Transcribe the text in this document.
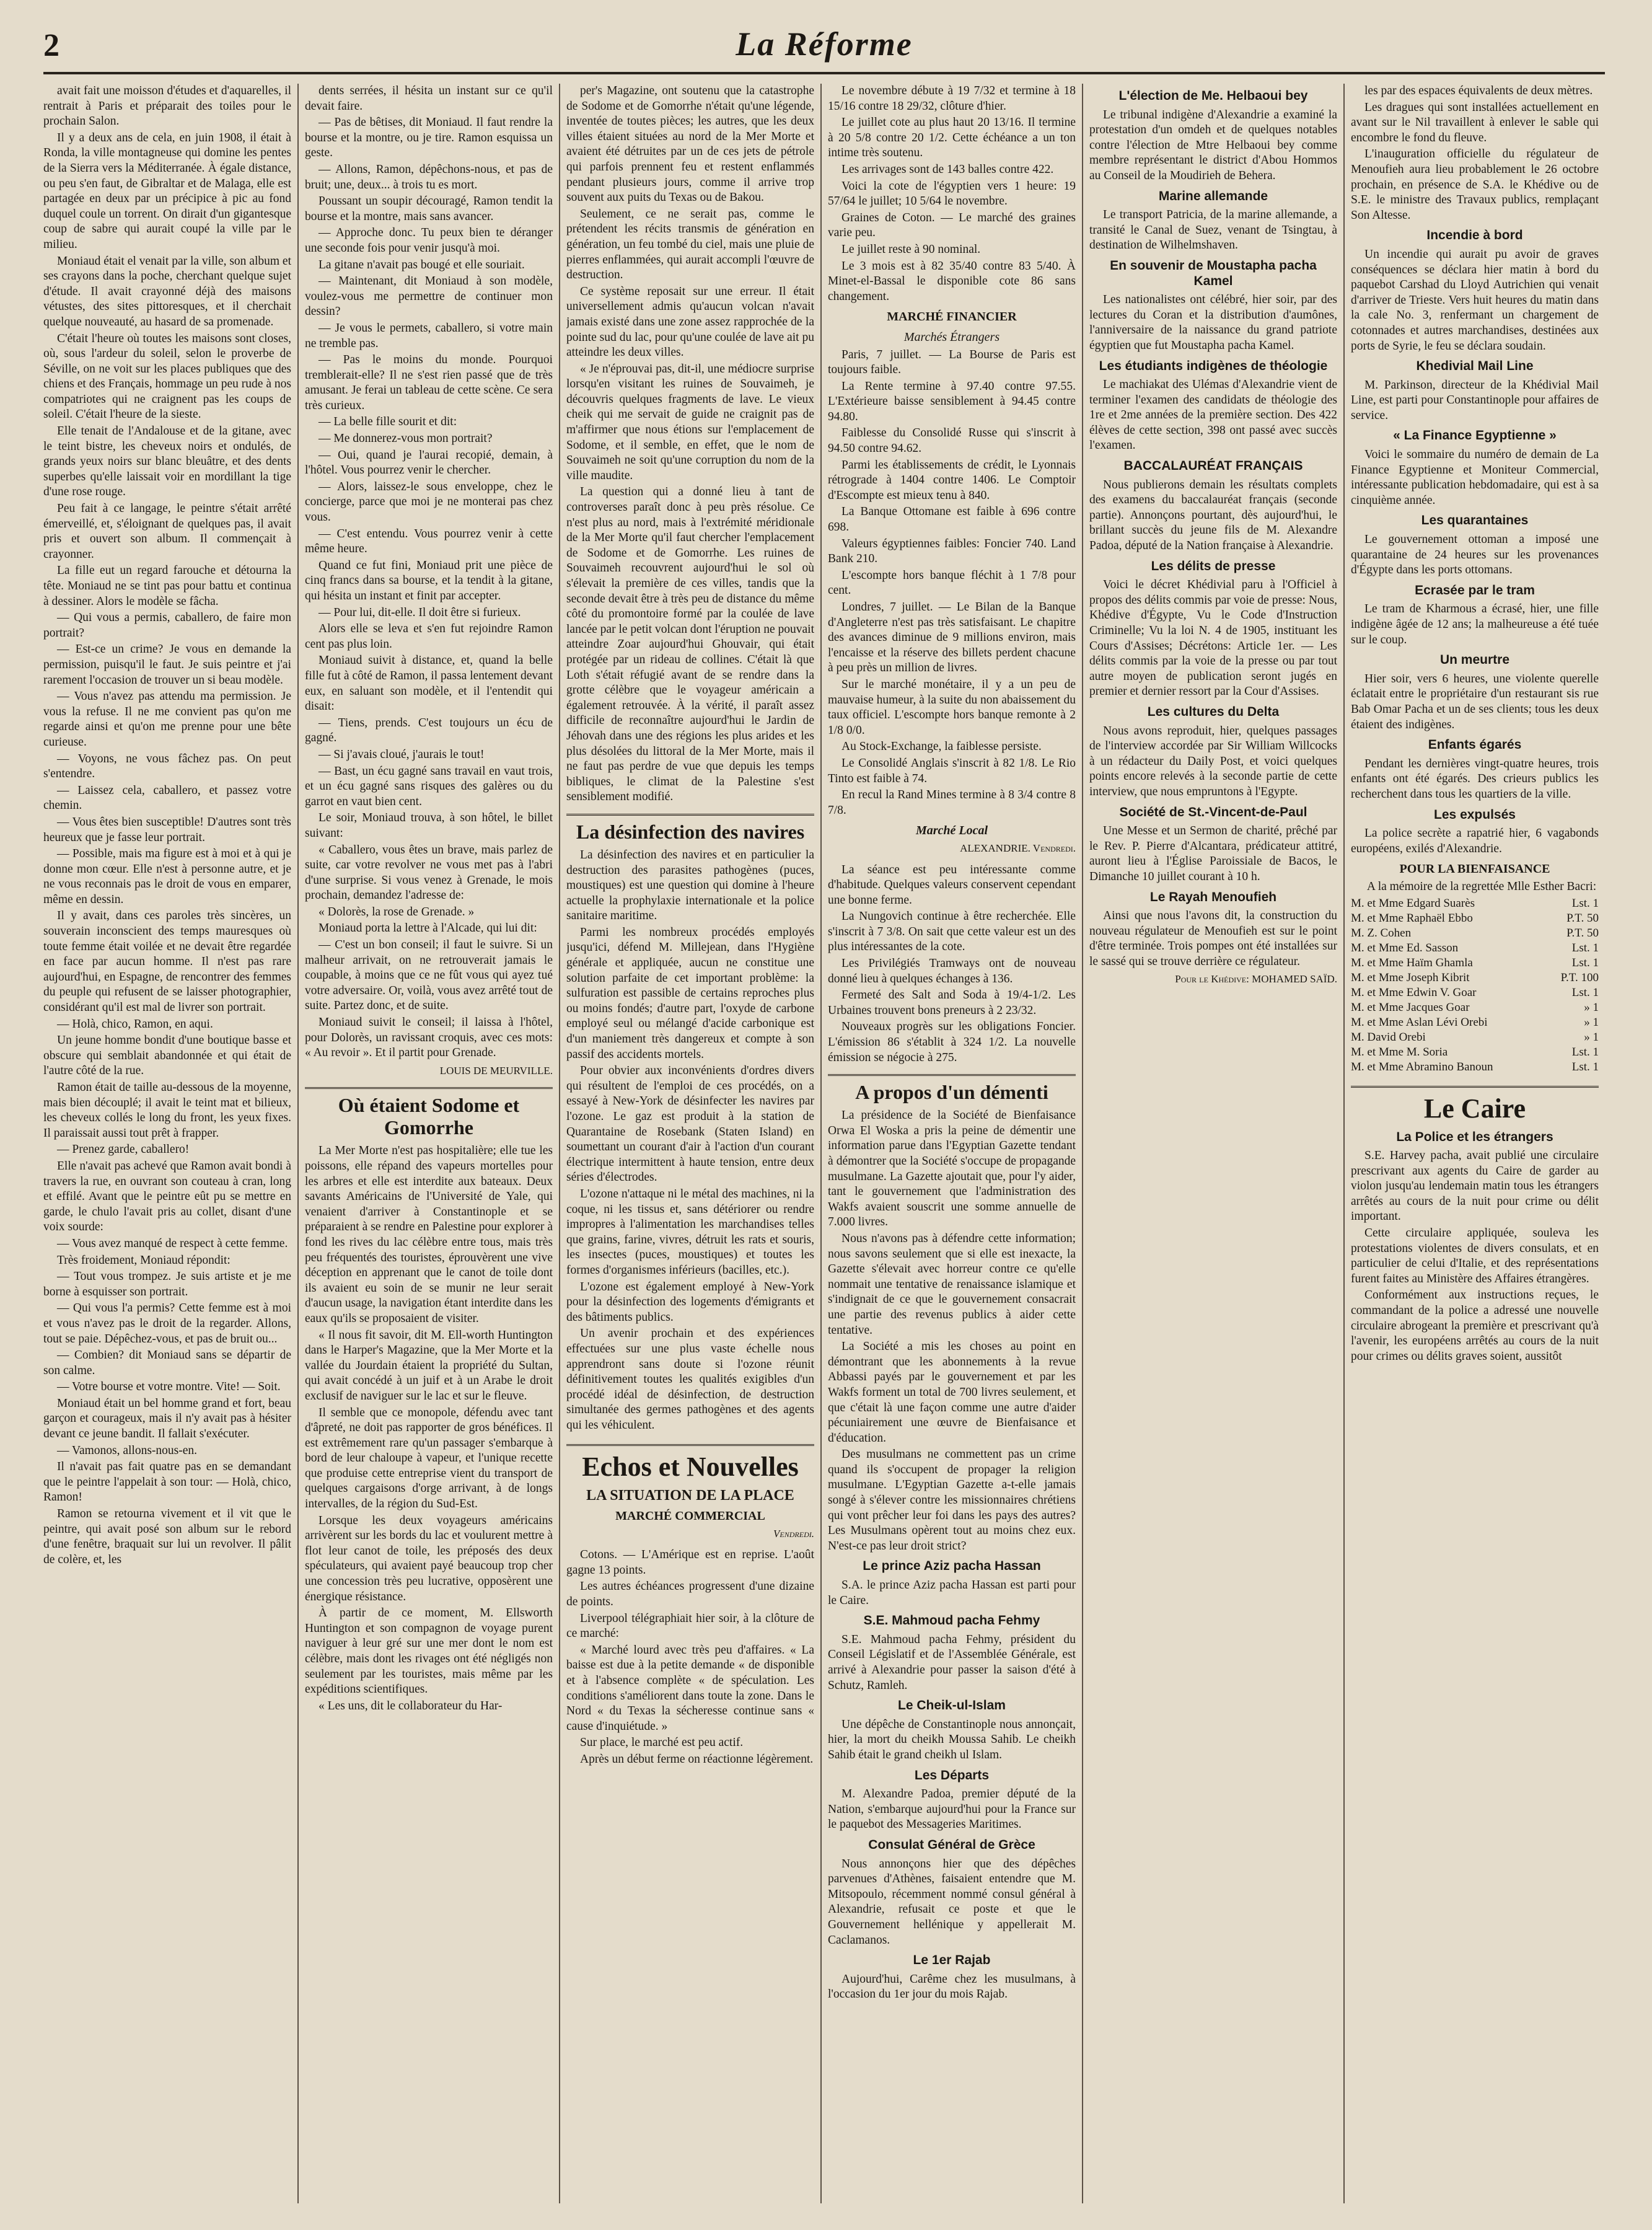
2	La Réforme

avait fait une moisson d'études et d'aquarelles, il rentrait à Paris et préparait des toiles pour le prochain Salon.

Il y a deux ans de cela, en juin 1908, il était à Ronda, la ville montagneuse qui domine les pentes de la Sierra vers la Méditerranée. À égale distance, ou peu s'en faut, de Gibraltar et de Malaga, elle est partagée en deux par un précipice à pic au fond duquel coule un torrent. On dirait d'un gigantesque coup de sabre qui aurait coupé la ville par le milieu.

Moniaud était el venait par la ville, son album et ses crayons dans la poche, cherchant quelque sujet d'étude. Il avait crayonné déjà des maisons vétustes, des sites pittoresques, et il cherchait quelque nouveauté, au hasard de sa promenade.

C'était l'heure où toutes les maisons sont closes, où, sous l'ardeur du soleil, selon le proverbe de Séville, on ne voit sur les places publiques que des chiens et des Français, hommage un peu rude à nos compatriotes qui ne craignent pas les coups de soleil. C'était l'heure de la sieste.

Elle tenait de l'Andalouse et de la gitane, avec le teint bistre, les cheveux noirs et ondulés, de grands yeux noirs sur blanc bleuâtre, et des dents superbes qu'elle laissait voir en mordillant la tige d'une rose rouge.

Peu fait à ce langage, le peintre s'était arrêté émerveillé, et, s'éloignant de quelques pas, il avait pris et ouvert son album. Il commençait à crayonner.

La fille eut un regard farouche et détourna la tête. Moniaud ne se tint pas pour battu et continua à dessiner. Alors le modèle se fâcha.

— Qui vous a permis, caballero, de faire mon portrait?

— Est-ce un crime? Je vous en demande la permission, puisqu'il le faut. Je suis peintre et j'ai rarement l'occasion de trouver un si beau modèle.

— Vous n'avez pas attendu ma permission. Je vous la refuse. Il ne me convient pas qu'on me regarde ainsi et qu'on me prenne pour une bête curieuse.

— Voyons, ne vous fâchez pas. On peut s'entendre.

— Laissez cela, caballero, et passez votre chemin.

— Vous êtes bien susceptible! D'autres sont très heureux que je fasse leur portrait.

— Possible, mais ma figure est à moi et à qui je donne mon cœur. Elle n'est à personne autre, et je ne vous reconnais pas le droit de vous en emparer, même en dessin.

Il y avait, dans ces paroles très sincères, un souverain inconscient des temps mauresques où toute femme était voilée et ne devait être regardée en face par aucun homme. Il n'est pas rare aujourd'hui, en Espagne, de rencontrer des femmes du peuple qui refusent de se laisser photographier, considérant qu'il est mal de livrer son portrait.

— Holà, chico, Ramon, en aqui.

Un jeune homme bondit d'une boutique basse et obscure qui semblait abandonnée et qui était de l'autre côté de la rue.

Ramon était de taille au-dessous de la moyenne, mais bien découplé; il avait le teint mat et bilieux, les cheveux collés le long du front, les yeux fixes. Il paraissait aussi tout prêt à frapper.

— Prenez garde, caballero!

Elle n'avait pas achevé que Ramon avait bondi à travers la rue, en ouvrant son couteau à cran, long et effilé. Avant que le peintre eût pu se mettre en garde, le chulo l'avait pris au collet, disant d'une voix sourde:

— Vous avez manqué de respect à cette femme.

Très froidement, Moniaud répondit:

— Tout vous trompez. Je suis artiste et je me borne à esquisser son portrait.

— Qui vous l'a permis? Cette femme est à moi et vous n'avez pas le droit de la regarder. Allons, tout se paie. Dépêchez-vous, et pas de bruit ou...

— Combien? dit Moniaud sans se départir de son calme.

— Votre bourse et votre montre. Vite! — Soit.

Moniaud était un bel homme grand et fort, beau garçon et courageux, mais il n'y avait pas à hésiter devant ce jeune bandit. Il fallait s'exécuter.

— Vamonos, allons-nous-en.

Il n'avait pas fait quatre pas en se demandant que le peintre l'appelait à son tour: — Holà, chico, Ramon!

Ramon se retourna vivement et il vit que le peintre, qui avait posé son album sur le rebord d'une fenêtre, braquait sur lui un revolver. Il pâlit de colère, et, les

dents serrées, il hésita un instant sur ce qu'il devait faire.

— Pas de bêtises, dit Moniaud. Il faut rendre la bourse et la montre, ou je tire. Ramon esquissa un geste.

— Allons, Ramon, dépêchons-nous, et pas de bruit; une, deux... à trois tu es mort.

Poussant un soupir découragé, Ramon tendit la bourse et la montre, mais sans avancer.

— Approche donc. Tu peux bien te déranger une seconde fois pour venir jusqu'à moi.

La gitane n'avait pas bougé et elle souriait.

— Maintenant, dit Moniaud à son modèle, voulez-vous me permettre de continuer mon dessin?

— Je vous le permets, caballero, si votre main ne tremble pas.

— Pas le moins du monde. Pourquoi tremblerait-elle? Il ne s'est rien passé que de très amusant. Je ferai un tableau de cette scène. Ce sera très curieux.

— La belle fille sourit et dit:

— Me donnerez-vous mon portrait?

— Oui, quand je l'aurai recopié, demain, à l'hôtel. Vous pourrez venir le chercher.

— Alors, laissez-le sous enveloppe, chez le concierge, parce que moi je ne monterai pas chez vous.

— C'est entendu. Vous pourrez venir à cette même heure.

Quand ce fut fini, Moniaud prit une pièce de cinq francs dans sa bourse, et la tendit à la gitane, qui hésita un instant et finit par accepter.

— Pour lui, dit-elle. Il doit être si furieux.

Alors elle se leva et s'en fut rejoindre Ramon cent pas plus loin.

Moniaud suivit à distance, et, quand la belle fille fut à côté de Ramon, il passa lentement devant eux, en saluant son modèle, et il l'entendit qui disait:

— Tiens, prends. C'est toujours un écu de gagné.

— Si j'avais cloué, j'aurais le tout!

— Bast, un écu gagné sans travail en vaut trois, et un écu gagné sans risques des galères ou du garrot en vaut bien cent.

Le soir, Moniaud trouva, à son hôtel, le billet suivant:

« Caballero, vous êtes un brave, mais parlez de suite, car votre revolver ne vous met pas à l'abri d'une surprise. Si vous venez à Grenade, le mois prochain, demandez l'adresse de:

« Dolorès, la rose de Grenade. »

Moniaud porta la lettre à l'Alcade, qui lui dit:

— C'est un bon conseil; il faut le suivre. Si un malheur arrivait, on ne retrouverait jamais le coupable, à moins que ce ne fût vous qui ayez tué votre adversaire. Or, voilà, vous avez arrêté tout de suite. Partez donc, et de suite.

Moniaud suivit le conseil; il laissa à l'hôtel, pour Dolorès, un ravissant croquis, avec ces mots: « Au revoir ». Et il partit pour Grenade.

LOUIS DE MEURVILLE.
Où étaient Sodome et Gomorrhe

La Mer Morte n'est pas hospitalière; elle tue les poissons, elle répand des vapeurs mortelles pour les arbres et elle est interdite aux bateaux. Deux savants Américains de l'Université de Yale, qui venaient d'arriver à Constantinople et se préparaient à se rendre en Palestine pour explorer à fond les rives du lac célèbre entre tous, mais très peu fréquentés des touristes, éprouvèrent une vive déception en apprenant que le canot de toile dont ils avaient eu soin de se munir ne leur serait d'aucun usage, la navigation étant interdite dans les eaux qu'ils se proposaient de visiter.

« Il nous fit savoir, dit M. Ell-worth Huntington dans le Harper's Magazine, que la Mer Morte et la vallée du Jourdain étaient la propriété du Sultan, qui avait concédé à un juif et à un Arabe le droit exclusif de naviguer sur le lac et sur le fleuve.

Il semble que ce monopole, défendu avec tant d'âpreté, ne doit pas rapporter de gros bénéfices. Il est extrêmement rare qu'un passager s'embarque à bord de leur chaloupe à vapeur, et l'unique recette que produise cette entreprise vient du transport de quelques cargaisons d'orge arrivant, à de longs intervalles, de la région du Sud-Est.

Lorsque les deux voyageurs américains arrivèrent sur les bords du lac et voulurent mettre à flot leur canot de toile, les préposés des deux spéculateurs, qui avaient payé beaucoup trop cher une concession très peu lucrative, opposèrent une énergique résistance.

À partir de ce moment, M. Ellsworth Huntington et son compagnon de voyage purent naviguer à leur gré sur une mer dont le nom est célèbre, mais dont les rivages ont été négligés non seulement par les touristes, mais même par les expéditions scientifiques.

« Les uns, dit le collaborateur du Har-

per's Magazine, ont soutenu que la catastrophe de Sodome et de Gomorrhe n'était qu'une légende, inventée de toutes pièces; les autres, que les deux villes étaient situées au nord de la Mer Morte et avaient été détruites par un de ces jets de pétrole qui parfois prennent feu et restent enflammés pendant plusieurs jours, comme il arrive trop souvent aux puits du Texas ou de Bakou.

Seulement, ce ne serait pas, comme le prétendent les récits transmis de génération en génération, un feu tombé du ciel, mais une pluie de pierres enflammées, qui aurait accompli l'œuvre de destruction.

Ce système reposait sur une erreur. Il était universellement admis qu'aucun volcan n'avait jamais existé dans une zone assez rapprochée de la pointe sud du lac, pour qu'une coulée de lave ait pu atteindre les deux villes.

« Je n'éprouvai pas, dit-il, une médiocre surprise lorsqu'en visitant les ruines de Souvaimeh, je découvris quelques fragments de lave. Le vieux cheik qui me servait de guide ne craignit pas de m'affirmer que nous étions sur l'emplacement de Sodome, et il semble, en effet, que le nom de Souvaimeh ne soit qu'une corruption du nom de la ville maudite.

La question qui a donné lieu à tant de controverses paraît donc à peu près résolue. Ce n'est plus au nord, mais à l'extrémité méridionale de la Mer Morte qu'il faut chercher l'emplacement de Sodome et de Gomorrhe. Les ruines de Souvaimeh recouvrent aujourd'hui le sol où s'élevait la première de ces villes, tandis que la seconde devait être à très peu de distance du même côté du promontoire formé par la coulée de lave lancée par le petit volcan dont l'éruption ne pouvait atteindre Zoar aujourd'hui Ghouvair, qui était protégée par un rideau de collines. C'était là que Loth s'était réfugié avant de se rendre dans la grotte célèbre que le voyageur américain a également retrouvée. À la vérité, il paraît assez difficile de reconnaître aujourd'hui le Jardin de Jéhovah dans une des régions les plus arides et les plus désolées du littoral de la Mer Morte, mais il ne faut pas perdre de vue que depuis les temps bibliques, le climat de la Palestine s'est sensiblement modifié.

La désinfection des navires

La désinfection des navires et en particulier la destruction des parasites pathogènes (puces, moustiques) est une question qui domine à l'heure actuelle la prophylaxie internationale et la police sanitaire maritime.

Parmi les nombreux procédés employés jusqu'ici, défend M. Millejean, dans l'Hygiène générale et appliquée, aucun ne constitue une solution parfaite de cet important problème: la sulfuration est passible de certains reproches plus ou moins fondés; d'autre part, l'oxyde de carbone employé seul ou mélangé d'acide carbonique est d'un maniement très dangereux et compte à son passif des accidents mortels.

Pour obvier aux inconvénients d'ordres divers qui résultent de l'emploi de ces procédés, on a essayé à New-York de désinfecter les navires par l'ozone. Le gaz est produit à la station de Quarantaine de Rosebank (Staten Island) en soumettant un courant d'air à l'action d'un courant électrique intermittent à haute tension, entre deux séries d'électrodes.

L'ozone n'attaque ni le métal des machines, ni la coque, ni les tissus et, sans détériorer ou rendre impropres à l'alimentation les marchandises telles que grains, farine, vivres, détruit les rats et souris, les insectes (puces, moustiques) et toutes les formes d'organismes inférieurs (bacilles, etc.).

L'ozone est également employé à New-York pour la désinfection des logements d'émigrants et des bâtiments publics.

Un avenir prochain et des expériences effectuées sur une plus vaste échelle nous apprendront sans doute si l'ozone réunit définitivement toutes les qualités exigibles d'un procédé idéal de désinfection, de destruction simultanée des germes pathogènes et des agents qui les véhiculent.

Echos et Nouvelles
LA SITUATION DE LA PLACE
MARCHÉ COMMERCIAL
Vendredi.

Cotons. — L'Amérique est en reprise. L'août gagne 13 points.

Les autres échéances progressent d'une dizaine de points.

Liverpool télégraphiait hier soir, à la clôture de ce marché:

« Marché lourd avec très peu d'affaires. « La baisse est due à la petite demande « de disponible et à l'absence complète « de spéculation. Les conditions s'améliorent dans toute la zone. Dans le Nord « du Texas la sécheresse continue sans « cause d'inquiétude. »

Sur place, le marché est peu actif.

Après un début ferme on réactionne légèrement.

Le novembre débute à 19 7/32 et termine à 18 15/16 contre 18 29/32, clôture d'hier.

Le juillet cote au plus haut 20 13/16. Il termine à 20 5/8 contre 20 1/2. Cette échéance a un ton intime très soutenu.

Les arrivages sont de 143 balles contre 422.

Voici la cote de l'égyptien vers 1 heure: 19 57/64 le juillet; 10 5/64 le novembre.

Graines de Coton. — Le marché des graines varie peu.

Le juillet reste à 90 nominal.

Le 3 mois est à 82 35/40 contre 83 5/40. À Minet-el-Bassal le disponible cote 86 sans changement.

MARCHÉ FINANCIER
Marchés Étrangers

Paris, 7 juillet. — La Bourse de Paris est toujours faible.

La Rente termine à 97.40 contre 97.55. L'Extérieure baisse sensiblement à 94.45 contre 94.80.

Faiblesse du Consolidé Russe qui s'inscrit à 94.50 contre 94.62.

Parmi les établissements de crédit, le Lyonnais rétrograde à 1404 contre 1406. Le Comptoir d'Escompte est mieux tenu à 840.

La Banque Ottomane est faible à 696 contre 698.

Valeurs égyptiennes faibles: Foncier 740. Land Bank 210.

L'escompte hors banque fléchit à 1 7/8 pour cent.

Londres, 7 juillet. — Le Bilan de la Banque d'Angleterre n'est pas très satisfaisant. Le chapitre des avances diminue de 9 millions environ, mais l'encaisse et la réserve des billets perdent chacune à peu près un million de livres.

Sur le marché monétaire, il y a un peu de mauvaise humeur, à la suite du non abaissement du taux officiel. L'escompte hors banque remonte à 2 1/8 0/0.

Au Stock-Exchange, la faiblesse persiste.

Le Consolidé Anglais s'inscrit à 82 1/8. Le Rio Tinto est faible à 74.

En recul la Rand Mines termine à 8 3/4 contre 8 7/8.

Marché Local
ALEXANDRIE. Vendredi.

La séance est peu intéressante comme d'habitude. Quelques valeurs conservent cependant une bonne ferme.

La Nungovich continue à être recherchée. Elle s'inscrit à 7 3/8. On sait que cette valeur est un des plus intéressantes de la cote.

Les Privilégiés Tramways ont de nouveau donné lieu à quelques échanges à 136.

Fermeté des Salt and Soda à 19/4-1/2. Les Urbaines trouvent bons preneurs à 2 23/32.

Nouveaux progrès sur les obligations Foncier. L'émission 86 s'établit à 324 1/2. La nouvelle émission se négocie à 275.

A propos d'un démenti

La présidence de la Société de Bienfaisance Orwa El Woska a pris la peine de démentir une information parue dans l'Egyptian Gazette tendant à démontrer que la Société s'occupe de propagande musulmane. La Gazette ajoutait que, pour l'y aider, tant le gouvernement que l'administration des Wakfs avaient souscrit une somme annuelle de 7.000 livres.

Nous n'avons pas à défendre cette information; nous savons seulement que si elle est inexacte, la Gazette s'élevait avec horreur contre ce qu'elle nommait une tentative de renaissance islamique et s'indignait de ce que le gouvernement consacrait une partie des revenus publics à aider cette tentative.

La Société a mis les choses au point en démontrant que les abonnements à la revue Abbassi payés par le gouvernement et par les Wakfs forment un total de 700 livres seulement, et que c'était là une façon comme une autre d'aider pécuniairement une œuvre de Bienfaisance et d'éducation.

Des musulmans ne commettent pas un crime quand ils s'occupent de propager la religion musulmane. L'Egyptian Gazette a-t-elle jamais songé à s'élever contre les missionnaires chrétiens qui vont prêcher leur foi dans les pays des autres? Les Musulmans opèrent tout au moins chez eux. N'est-ce pas leur droit strict?

Le prince Aziz pacha Hassan

S.A. le prince Aziz pacha Hassan est parti pour le Caire.

S.E. Mahmoud pacha Fehmy

S.E. Mahmoud pacha Fehmy, président du Conseil Législatif et de l'Assemblée Générale, est arrivé à Alexandrie pour passer la saison d'été à Schutz, Ramleh.

Le Cheik-ul-Islam

Une dépêche de Constantinople nous annonçait, hier, la mort du cheikh Moussa Sahib. Le cheikh Sahib était le grand cheikh ul Islam.

Les Départs

M. Alexandre Padoa, premier député de la Nation, s'embarque aujourd'hui pour la France sur le paquebot des Messageries Maritimes.

Consulat Général de Grèce

Nous annonçons hier que des dépêches parvenues d'Athènes, faisaient entendre que M. Mitsopoulo, récemment nommé consul général à Alexandrie, refusait ce poste et que le Gouvernement hellénique y appellerait M. Caclamanos.

Le 1er Rajab

Aujourd'hui, Carême chez les musulmans, à l'occasion du 1er jour du mois Rajab.

L'élection de Me. Helbaoui bey

Le tribunal indigène d'Alexandrie a examiné la protestation d'un omdeh et de quelques notables contre l'élection de Mtre Helbaoui bey comme membre représentant le district d'Abou Hommos au Conseil de la Moudirieh de Behera.

Marine allemande

Le transport Patricia, de la marine allemande, a transité le Canal de Suez, venant de Tsingtau, à destination de Wilhelmshaven.

En souvenir de Moustapha pacha Kamel

Les nationalistes ont célébré, hier soir, par des lectures du Coran et la distribution d'aumônes, l'anniversaire de la naissance du grand patriote égyptien que fut Moustapha pacha Kamel.

Les étudiants indigènes de théologie

Le machiakat des Ulémas d'Alexandrie vient de terminer l'examen des candidats de théologie des 1re et 2me années de la première section. Des 422 élèves de cette section, 398 ont passé avec succès l'examen.

BACCALAURÉAT FRANÇAIS

Nous publierons demain les résultats complets des examens du baccalauréat français (seconde partie). Annonçons pourtant, dès aujourd'hui, le brillant succès du jeune fils de M. Alexandre Padoa, député de la Nation française à Alexandrie.

Les délits de presse

Voici le décret Khédivial paru à l'Officiel à propos des délits commis par voie de presse: Nous, Khédive d'Égypte, Vu le Code d'Instruction Criminelle; Vu la loi N. 4 de 1905, instituant les Cours d'Assises; Décrétons: Article 1er. — Les délits commis par la voie de la presse ou par tout autre moyen de publication seront jugés en premier et dernier ressort par la Cour d'Assises.

Les cultures du Delta

Nous avons reproduit, hier, quelques passages de l'interview accordée par Sir William Willcocks à un rédacteur du Daily Post, et voici quelques points encore relevés à la seconde partie de cette interview, que nous empruntons à l'Egypte.

Société de St.-Vincent-de-Paul

Une Messe et un Sermon de charité, prêché par le Rev. P. Pierre d'Alcantara, prédicateur attitré, auront lieu à l'Église Paroissiale de Bacos, le Dimanche 10 juillet courant à 10 h.

Le Rayah Menoufieh

Ainsi que nous l'avons dit, la construction du nouveau régulateur de Menoufieh est sur le point d'être terminée. Trois pompes ont été installées sur le sassé qui se trouve derrière ce régulateur.

Pour le Khédive: MOHAMED SAÏD.

les par des espaces équivalents de deux mètres.

Les dragues qui sont installées actuellement en avant sur le Nil travaillent à enlever le sable qui encombre le fond du fleuve.

L'inauguration officielle du régulateur de Menoufieh aura lieu probablement le 26 octobre prochain, en présence de S.A. le Khédive ou de S.E. le ministre des Travaux publics, remplaçant Son Altesse.

Incendie à bord

Un incendie qui aurait pu avoir de graves conséquences se déclara hier matin à bord du paquebot Carshad du Lloyd Autrichien qui venait d'arriver de Trieste. Vers huit heures du matin dans la cale No. 3, renfermant un chargement de cotonnades et autres marchandises, destinées aux ports de Syrie, le feu se déclara soudain.

Khedivial Mail Line

M. Parkinson, directeur de la Khédivial Mail Line, est parti pour Constantinople pour affaires de service.

« La Finance Egyptienne »

Voici le sommaire du numéro de demain de La Finance Egyptienne et Moniteur Commercial, intéressante publication hebdomadaire, qui est à sa cinquième année.

Les quarantaines

Le gouvernement ottoman a imposé une quarantaine de 24 heures sur les provenances d'Égypte dans les ports ottomans.

Ecrasée par le tram

Le tram de Kharmous a écrasé, hier, une fille indigène âgée de 12 ans; la malheureuse a été tuée sur le coup.

Un meurtre

Hier soir, vers 6 heures, une violente querelle éclatait entre le propriétaire d'un restaurant sis rue Bab Omar Pacha et un de ses clients; tous les deux étaient des indigènes.

Enfants égarés

Pendant les dernières vingt-quatre heures, trois enfants ont été égarés. Des crieurs publics les recherchent dans tous les quartiers de la ville.

Les expulsés

La police secrète a rapatrié hier, 6 vagabonds européens, exilés d'Alexandrie.

POUR LA BIENFAISANCE

A la mémoire de la regrettée Mlle Esther Bacri:

M. et Mme Edgard Suarès	Lst. 1
M. et Mme Raphaël Ebbo	P.T. 50
M. Z. Cohen	P.T. 50
M. et Mme Ed. Sasson	Lst. 1
M. et Mme Haïm Ghamla	Lst. 1
M. et Mme Joseph Kibrit	P.T. 100
M. et Mme Edwin V. Goar	Lst. 1
M. et Mme Jacques Goar	» 1
M. et Mme Aslan Lévi Orebi	» 1
M. David Orebi	» 1
M. et Mme M. Soria	Lst. 1
M. et Mme Abramino Banoun	Lst. 1
Le Caire
La Police et les étrangers

S.E. Harvey pacha, avait publié une circulaire prescrivant aux agents du Caire de garder au violon jusqu'au lendemain matin tous les étrangers arrêtés au cours de la nuit pour crime ou délit important.

Cette circulaire appliquée, souleva les protestations violentes de divers consulats, et en particulier de celui d'Italie, et des représentations furent faites au Ministère des Affaires étrangères.

Conformément aux instructions reçues, le commandant de la police a adressé une nouvelle circulaire abrogeant la première et prescrivant qu'à l'avenir, les européens arrêtés au cours de la nuit pour crimes ou délits graves soient, aussitôt
